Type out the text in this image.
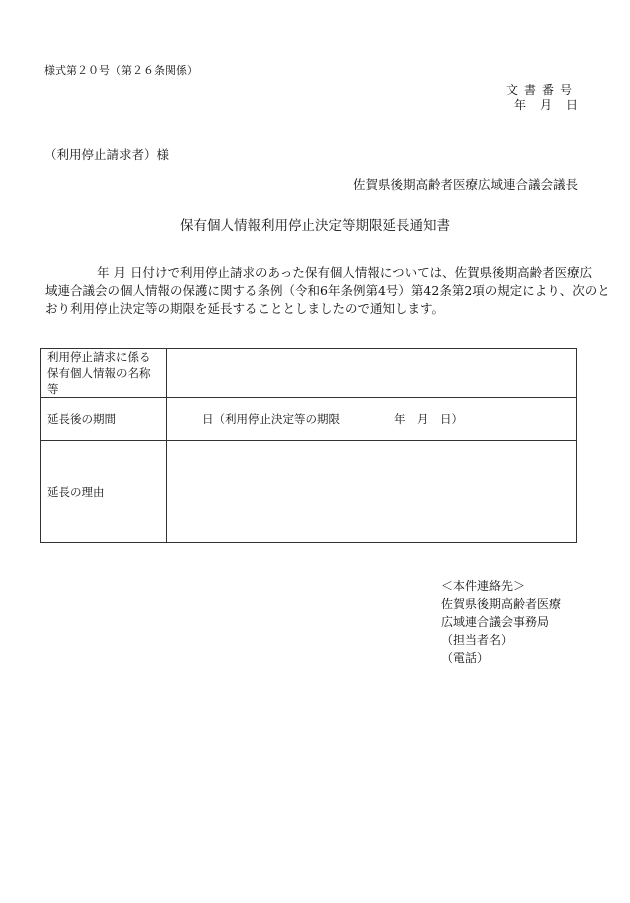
様式第２０号（第２６条関係）
文書番号
年 月 日
（利用停止請求者）様
佐賀県後期高齢者医療広域連合議会議長
保有個人情報利用停止決定等期限延長通知書

年 月 日付けで利用停止請求のあった保有個人情報については、佐賀県後期高齢者医療広
域連合議会の個人情報の保護に関する条例（令和6年条例第4号）第42条第2項の規定により、次のと
おり利用停止決定等の期限を延長することとしましたので通知します。

利用停止請求に係る
保有個人情報の名称
等	

延長後の期間	日（利用停止決定等の期限 年　月　日）
延長の理由	
＜本件連絡先＞
佐賀県後期高齢者医療
広域連合議会事務局
（担当者名）
（電話）
